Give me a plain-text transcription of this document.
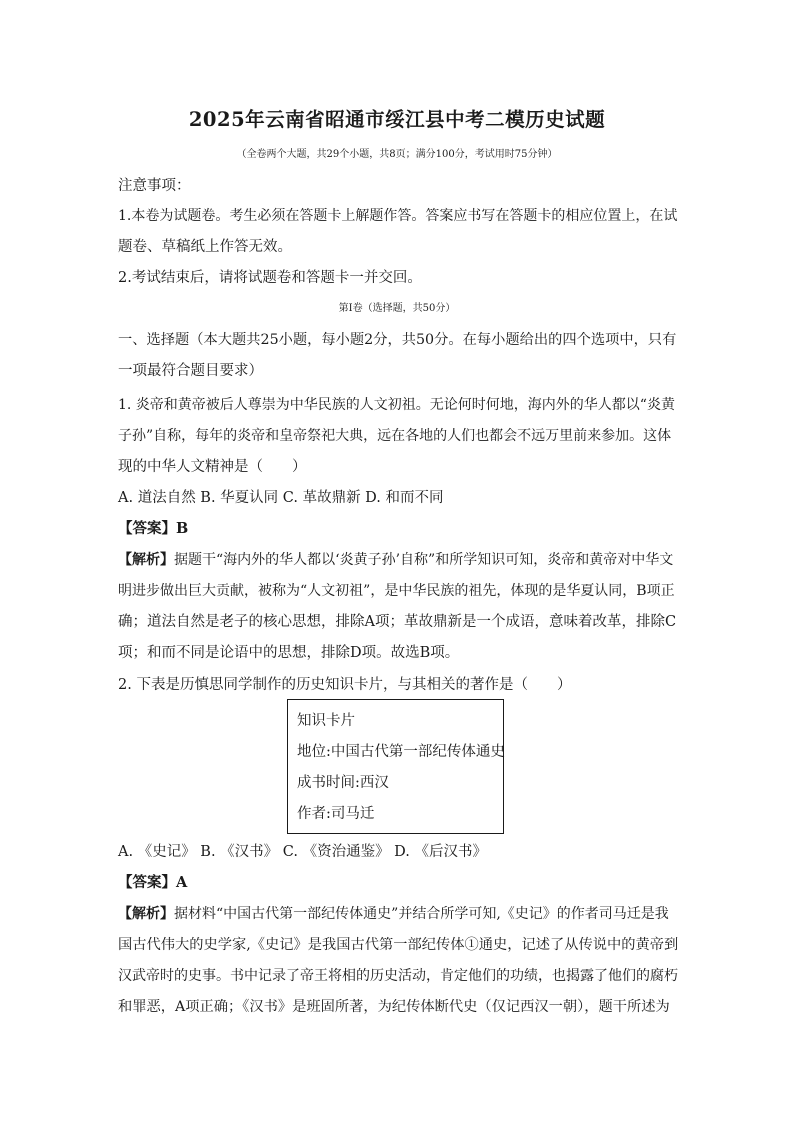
2025年云南省昭通市绥江县中考二模历史试题
（全卷两个大题，共29个小题，共8页；满分100分，考试用时75分钟）
注意事项：
1.本卷为试题卷。考生必须在答题卡上解题作答。答案应书写在答题卡的相应位置上，在试
题卷、草稿纸上作答无效。
2.考试结束后，请将试题卷和答题卡一并交回。
第Ⅰ卷（选择题，共50分）
一、选择题（本大题共25小题，每小题2分，共50分。在每小题给出的四个选项中，只有
一项最符合题目要求）
1. 炎帝和黄帝被后人尊崇为中华民族的人文初祖。无论何时何地，海内外的华人都以“炎黄
子孙”自称，每年的炎帝和皇帝祭祀大典，远在各地的人们也都会不远万里前来参加。这体
现的中华人文精神是（　　）
A. 道法自然 B. 华夏认同 C. 革故鼎新 D. 和而不同
【答案】B
【解析】据题干“海内外的华人都以‘炎黄子孙’自称”和所学知识可知，炎帝和黄帝对中华文
明进步做出巨大贡献，被称为“人文初祖”，是中华民族的祖先，体现的是华夏认同，B项正
确；道法自然是老子的核心思想，排除A项；革故鼎新是一个成语，意味着改革，排除C
项；和而不同是论语中的思想，排除D项。故选B项。
2. 下表是历慎思同学制作的历史知识卡片，与其相关的著作是（　　）
知识卡片
地位:中国古代第一部纪传体通史
成书时间:西汉
作者:司马迁
A. 《史记》 B. 《汉书》 C. 《资治通鉴》 D. 《后汉书》
【答案】A
【解析】据材料“中国古代第一部纪传体通史”并结合所学可知,《史记》的作者司马迁是我
国古代伟大的史学家,《史记》是我国古代第一部纪传体①通史，记述了从传说中的黄帝到
汉武帝时的史事。书中记录了帝王将相的历史活动，肯定他们的功绩，也揭露了他们的腐朽
和罪恶，A项正确；《汉书》是班固所著，为纪传体断代史（仅记西汉一朝），题干所述为
